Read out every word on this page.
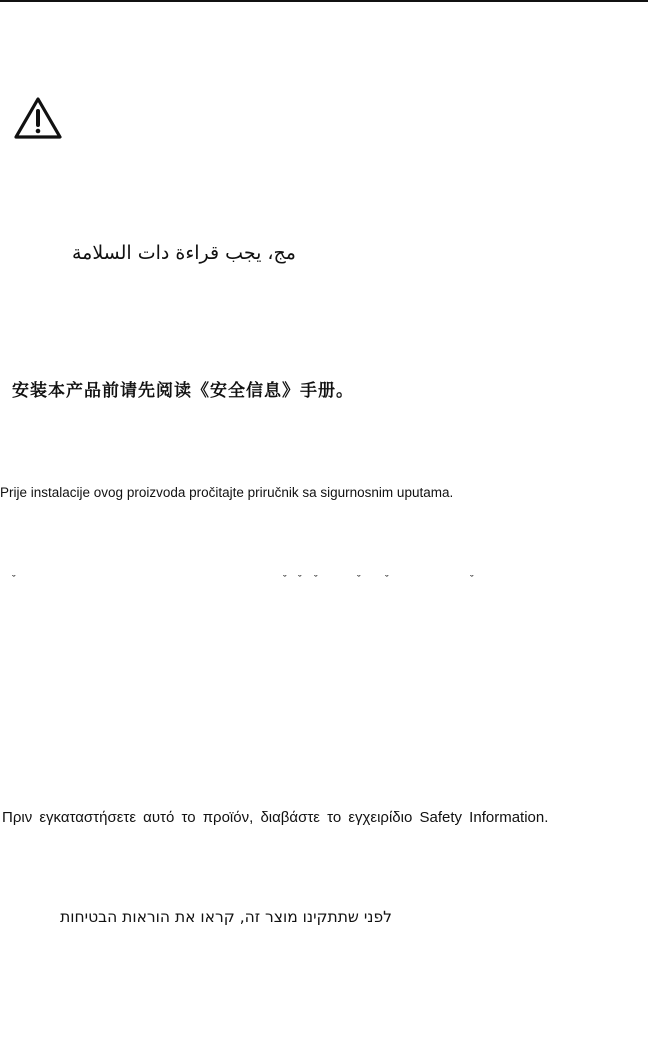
مج، يجب قراءة دات السلامة
安装本产品前请先阅读《安全信息》手册。
Prije instalacije ovog proizvoda pročitajte priručnik sa sigurnosnim uputama.
ˇ	ˇ ˇ ˇ	ˇ ˇ	ˇ
Πριν εγκαταστήσετε αυτό το προϊόν, διαβάστε το εγχειρίδιο Safety Information.
לפני שתתקינו מוצר זה, קראו את הוראות הבטיחות
